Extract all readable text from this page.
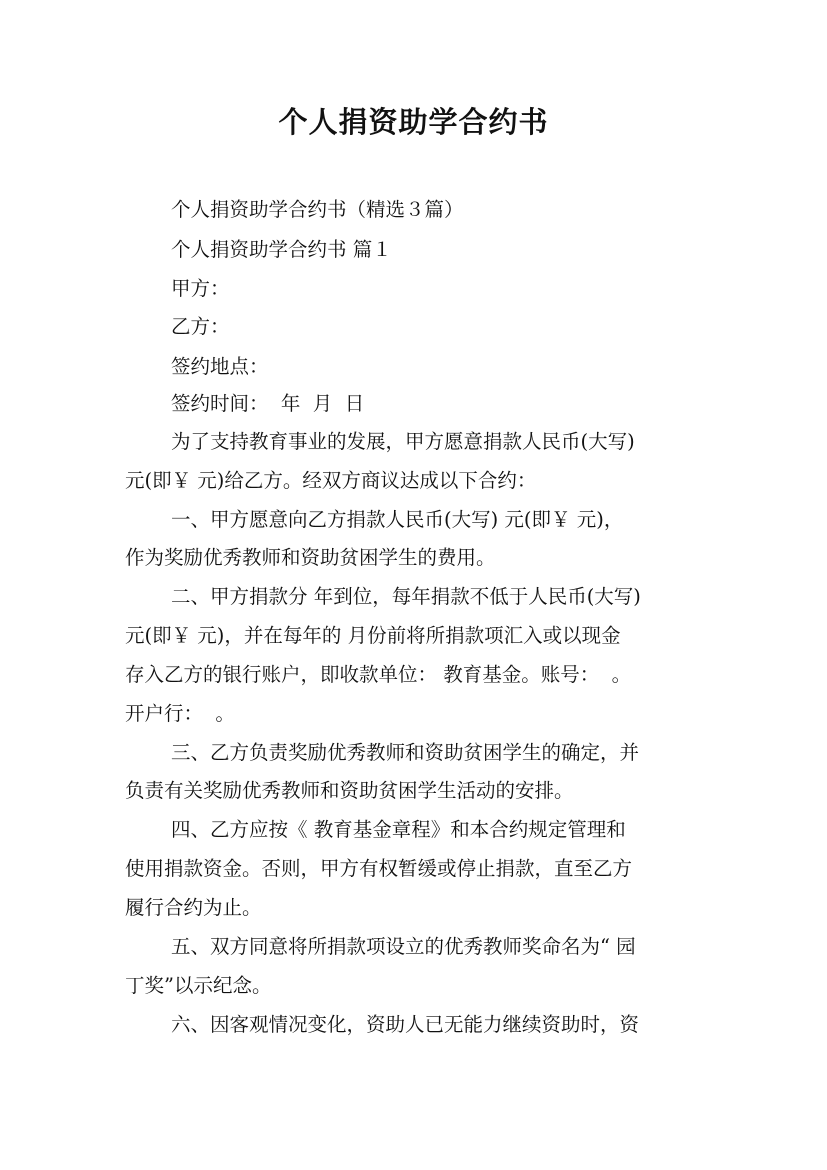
个人捐资助学合约书
个人捐资助学合约书（精选３篇）
个人捐资助学合约书 篇１
甲方：
乙方：
签约地点：
签约时间：  年  月  日
为了支持教育事业的发展，甲方愿意捐款人民币(大写)
元(即￥ 元)给乙方。经双方商议达成以下合约：
一、甲方愿意向乙方捐款人民币(大写) 元(即￥ 元)，
作为奖励优秀教师和资助贫困学生的费用。
二、甲方捐款分 年到位，每年捐款不低于人民币(大写)
元(即￥ 元)，并在每年的 月份前将所捐款项汇入或以现金
存入乙方的银行账户，即收款单位： 教育基金。账号：  。
开户行：  。
三、乙方负责奖励优秀教师和资助贫困学生的确定，并
负责有关奖励优秀教师和资助贫困学生活动的安排。
四、乙方应按《 教育基金章程》和本合约规定管理和
使用捐款资金。否则，甲方有权暂缓或停止捐款，直至乙方
履行合约为止。
五、双方同意将所捐款项设立的优秀教师奖命名为“ 园
丁奖”以示纪念。
六、因客观情况变化，资助人已无能力继续资助时，资
